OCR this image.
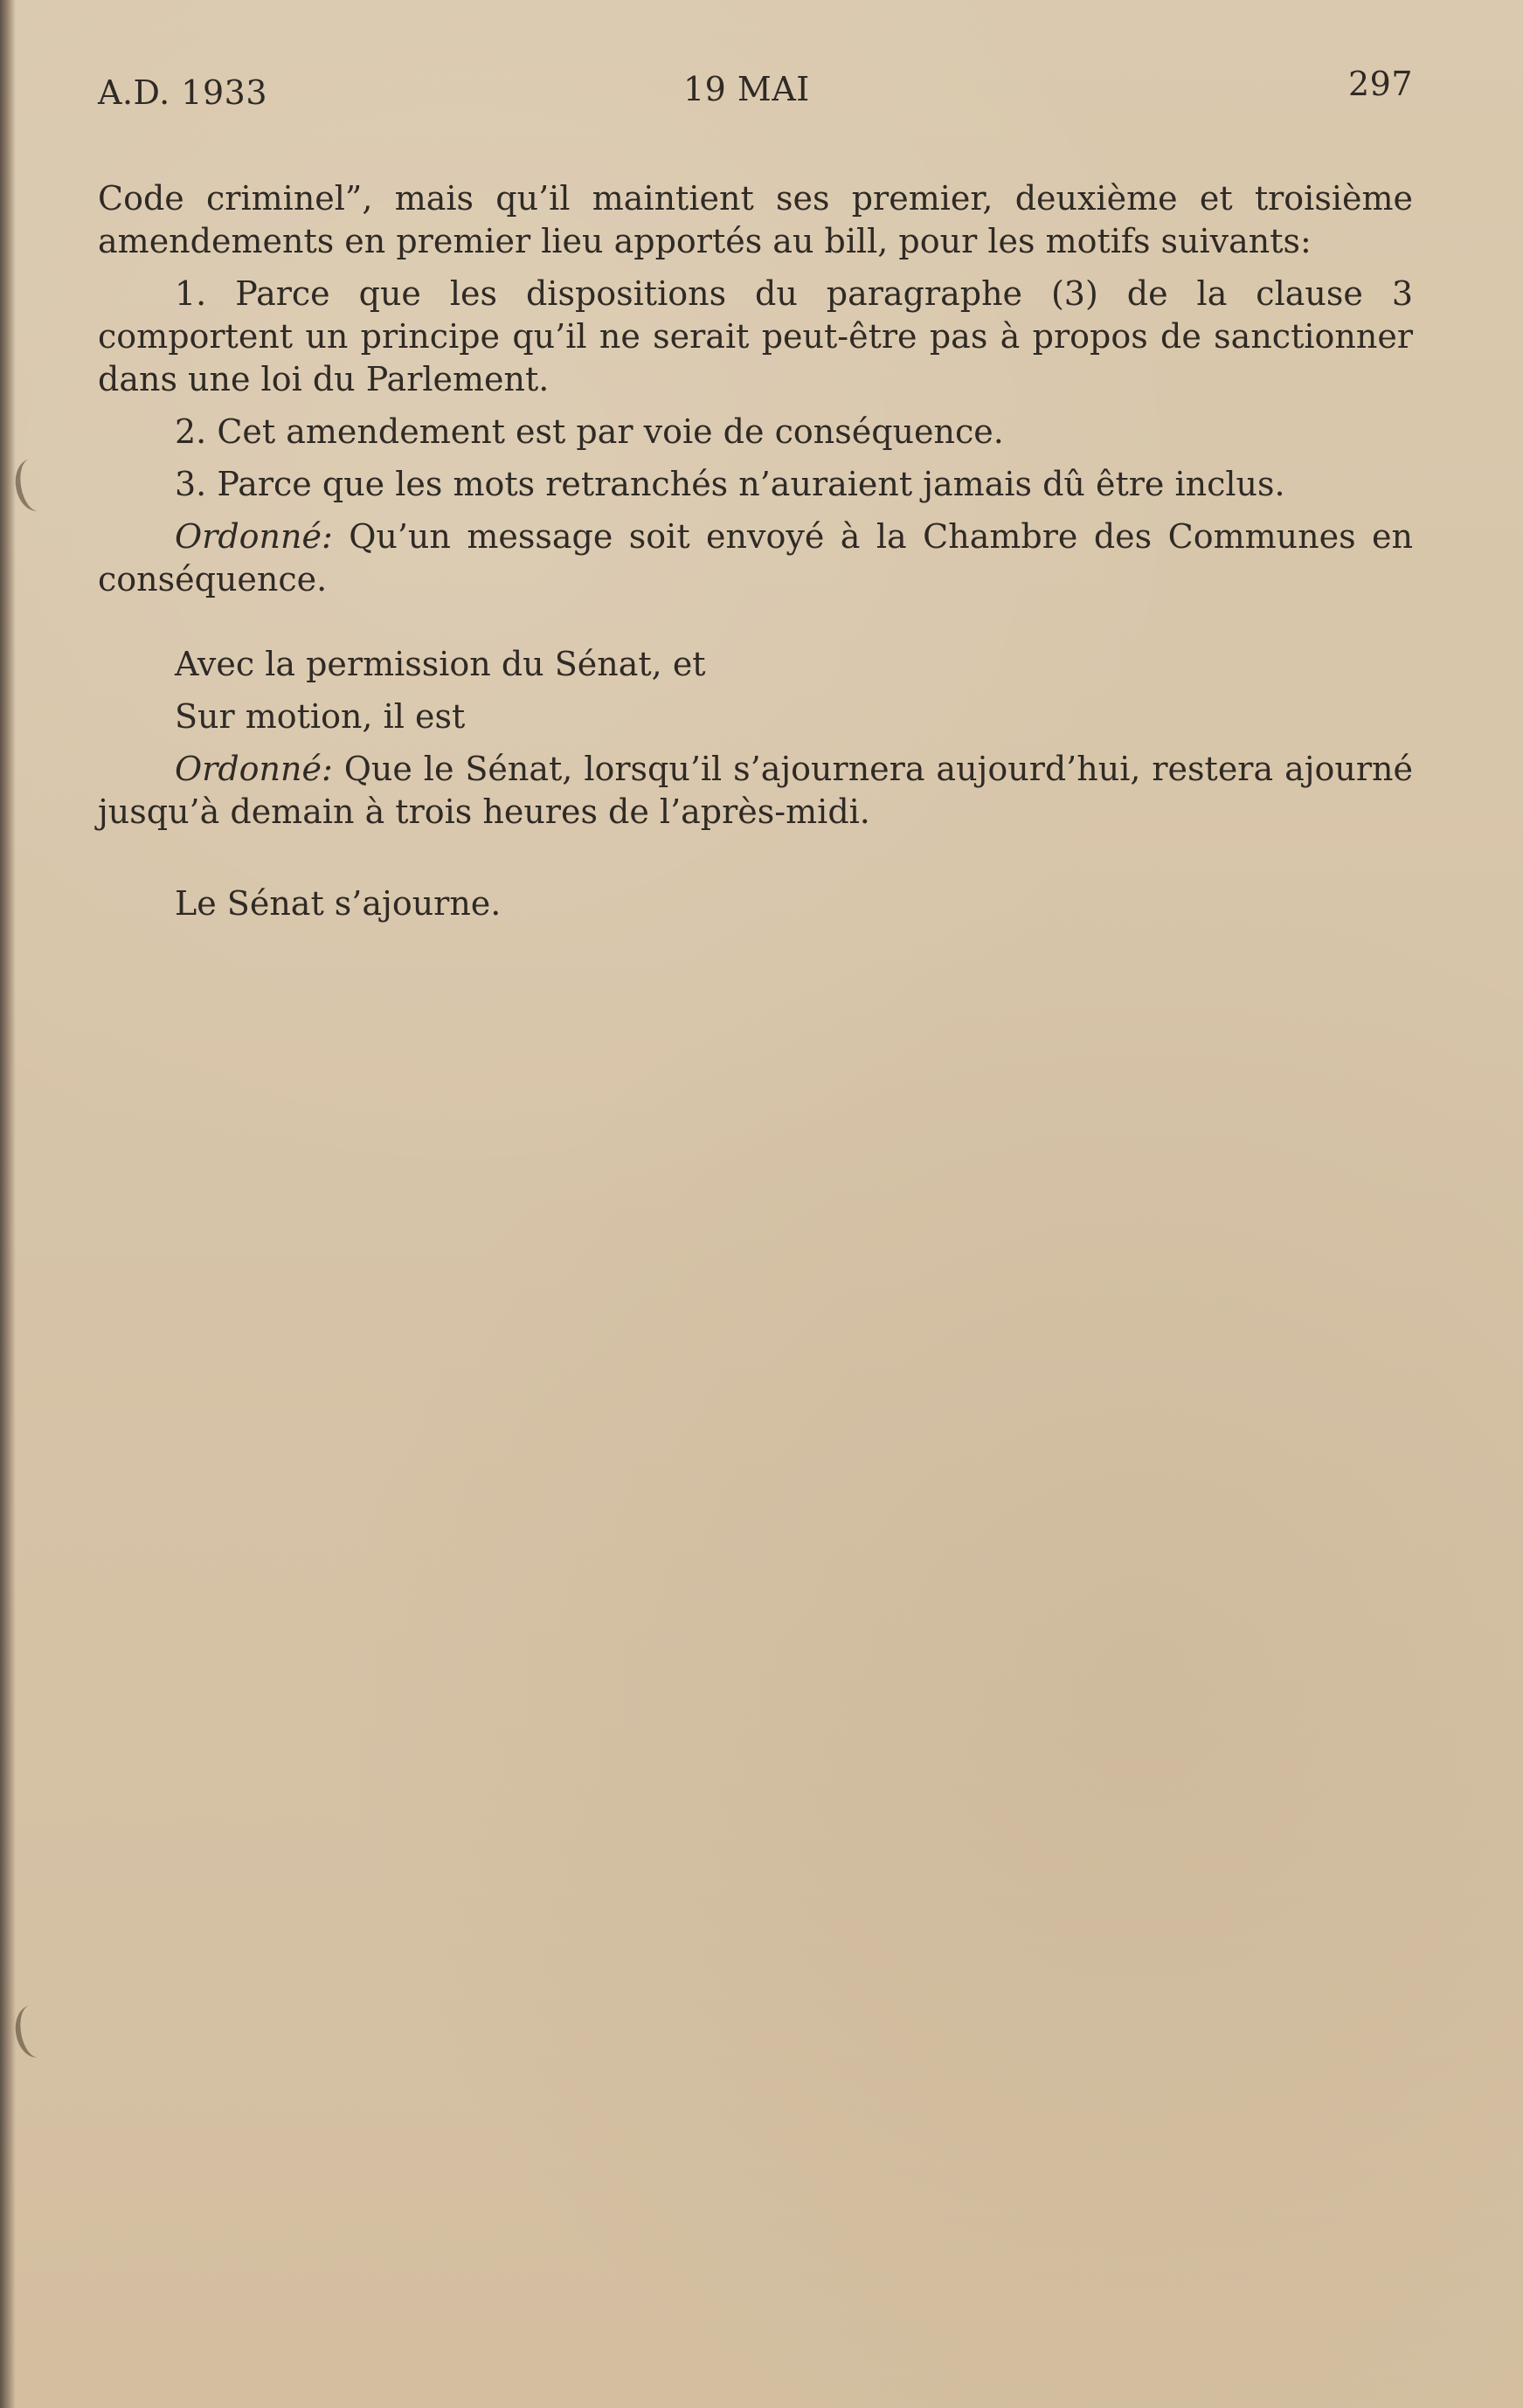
A.D. 1933	19 MAI	297

Code criminel”, mais qu’il maintient ses premier, deuxième et troisième amendements en premier lieu apportés au bill, pour les motifs suivants:

1. Parce que les dispositions du paragraphe (3) de la clause 3 comportent un principe qu’il ne serait peut-être pas à propos de sanctionner dans une loi du Parlement.

2. Cet amendement est par voie de conséquence.

3. Parce que les mots retranchés n’auraient jamais dû être inclus.

Ordonné: Qu’un message soit envoyé à la Chambre des Communes en conséquence.

Avec la permission du Sénat, et

Sur motion, il est

Ordonné: Que le Sénat, lorsqu’il s’ajournera aujourd’hui, restera ajourné jusqu’à demain à trois heures de l’après-midi.

Le Sénat s’ajourne.
